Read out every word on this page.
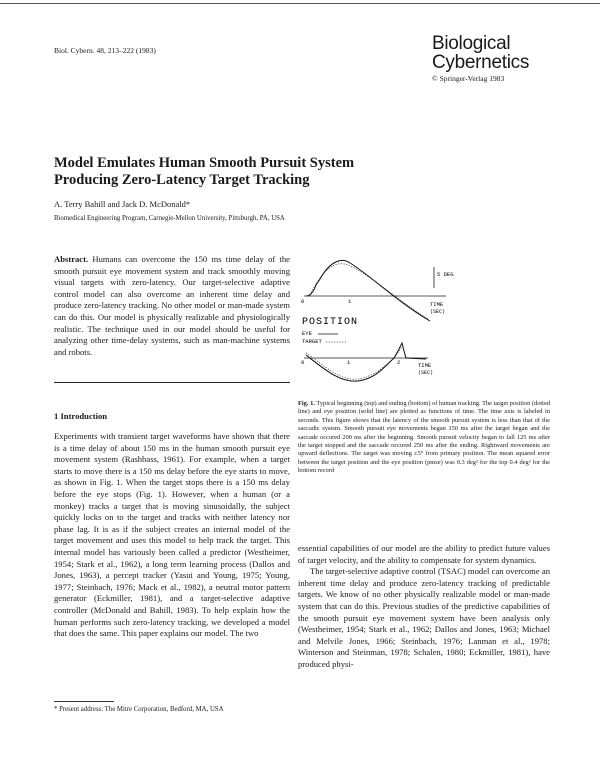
Biol. Cybern. 48, 213–222 (1983)	Biological
Cybernetics
© Springer-Verlag 1983
Model Emulates Human Smooth Pursuit System
Producing Zero-Latency Target Tracking
A. Terry Bahill and Jack D. McDonald*
Biomedical Engineering Program, Carnegie-Mellon University, Pittsburgh, PA, USA
Abstract. Humans can overcome the 150 ms time delay of the smooth pursuit eye movement system and track smoothly moving visual targets with zero-latency. Our target-selective adaptive control model can also overcome an inherent time delay and produce zero-latency tracking. No other model or man-made system can do this. Our model is physically realizable and physiologically realistic. The technique used in our model should be useful for analyzing other time-delay systems, such as man-machine systems and robots.
1 Introduction
Experiments with transient target waveforms have shown that there is a time delay of about 150 ms in the human smooth pursuit eye movement system (Rashbass, 1961). For example, when a target starts to move there is a 150 ms delay before the eye starts to move, as shown in Fig. 1. When the target stops there is a 150 ms delay before the eye stops (Fig. 1). However, when a human (or a monkey) tracks a target that is moving sinusoidally, the subject quickly locks on to the target and tracks with neither latency nor phase lag. It is as if the subject creates an internal model of the target movement and uses this model to help track the target. This internal model has variously been called a predictor (Westheimer, 1954; Stark et al., 1962), a long term learning process (Dallos and Jones, 1963), a percept tracker (Yasui and Young, 1975; Young, 1977; Steinbach, 1976; Mack et al., 1982), a neutral motor pattern generator (Eckmiller, 1981), and a target-selective adaptive controller (McDonald and Bahill, 1983). To help explain how the human performs such zero-latency tracking, we developed a model that does the same. This paper explains our model. The two
* Present address: The Mitre Corporation, Bedford, MA, USA
5 DEG
0	1	TIME
(SEC)
POSITION
EYE
TARGET
0	1	2	TIME
(SEC)
Fig. 1. Typical beginning (top) and ending (bottom) of human tracking. The target position (dotted line) and eye position (solid line) are plotted as functions of time. The time axis is labeled in seconds. This figure shows that the latency of the smooth pursuit system is less than that of the saccadic system. Smooth pursuit eye movements began 150 ms after the target began and the saccade occured 200 ms after the beginning. Smooth pursuit velocity began to fall 125 ms after the target stopped and the saccade occured 250 ms after the ending. Rightward movements are upward deflections. The target was moving ±5° from primary position. The mean squared error between the target position and the eye position (pmse) was 0.3 deg² for the top 0.4 deg² for the bottom record

essential capabilities of our model are the ability to predict future values of target velocity, and the ability to compensate for system dynamics.

The target-selective adaptive control (TSAC) model can overcome an inherent time delay and produce zero-latency tracking of predictable targets. We know of no other physically realizable model or man-made system that can do this. Previous studies of the predictive capabilities of the smooth pursuit eye movement system have been analysis only (Westheimer, 1954; Stark et al., 1962; Dallos and Jones, 1963; Michael and Melvile Jones, 1966; Steinbach, 1976; Lanman et al., 1978; Winterson and Steinman, 1978; Schalen, 1980; Eckmiller, 1981), have produced physi-
